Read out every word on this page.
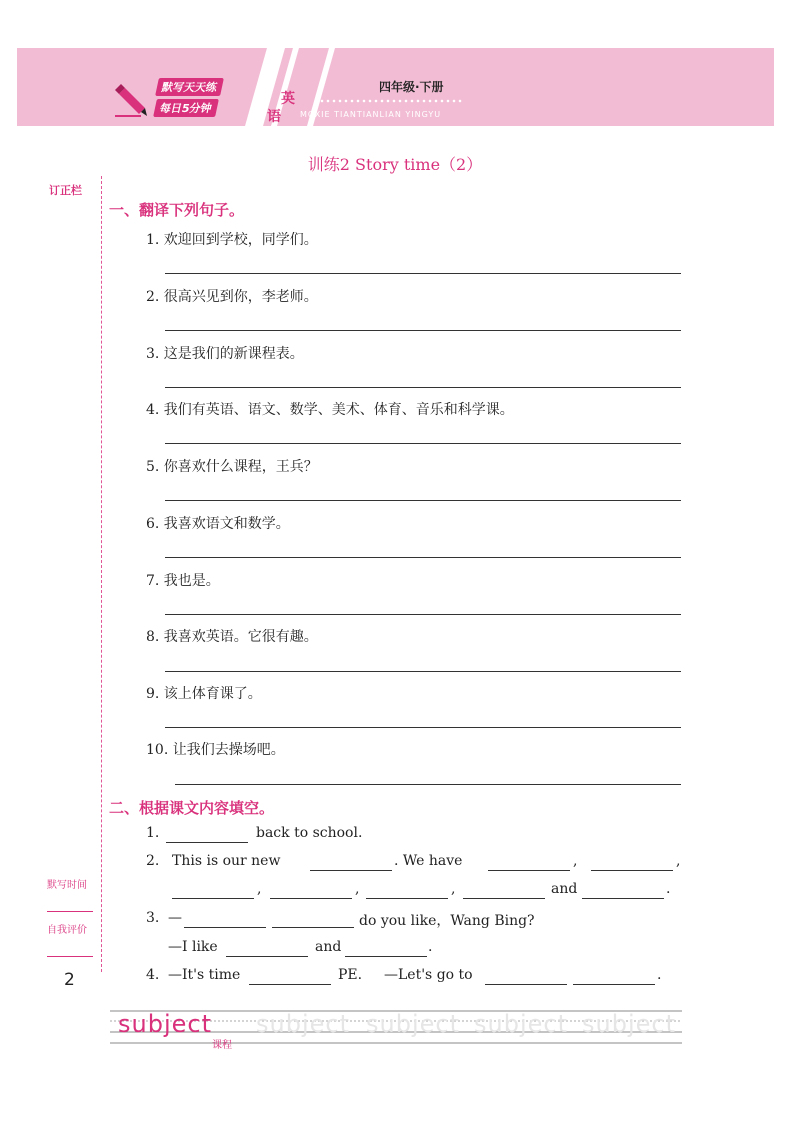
默写天天练
每日5分钟
英
语
四年级·下册
MOXIE TIANTIANLIAN YINGYU
训练2 Story time（2）
订正栏
默写时间
自我评价
2
一、翻译下列句子。
1. 欢迎回到学校，同学们。
2. 很高兴见到你，李老师。
3. 这是我们的新课程表。
4. 我们有英语、语文、数学、美术、体育、音乐和科学课。
5. 你喜欢什么课程，王兵？
6. 我喜欢语文和数学。
7. 我也是。
8. 我喜欢英语。它很有趣。
9. 该上体育课了。
10. 让我们去操场吧。
二、根据课文内容填空。
1.	back to school.
2. This is our new	. We have	,	,
,	,	,	and	.
3. —	do you like，Wang Bing?
—I like	and	.
4. —It's time	PE. —Let's go to	.
subject subject subject subject subject
课程
